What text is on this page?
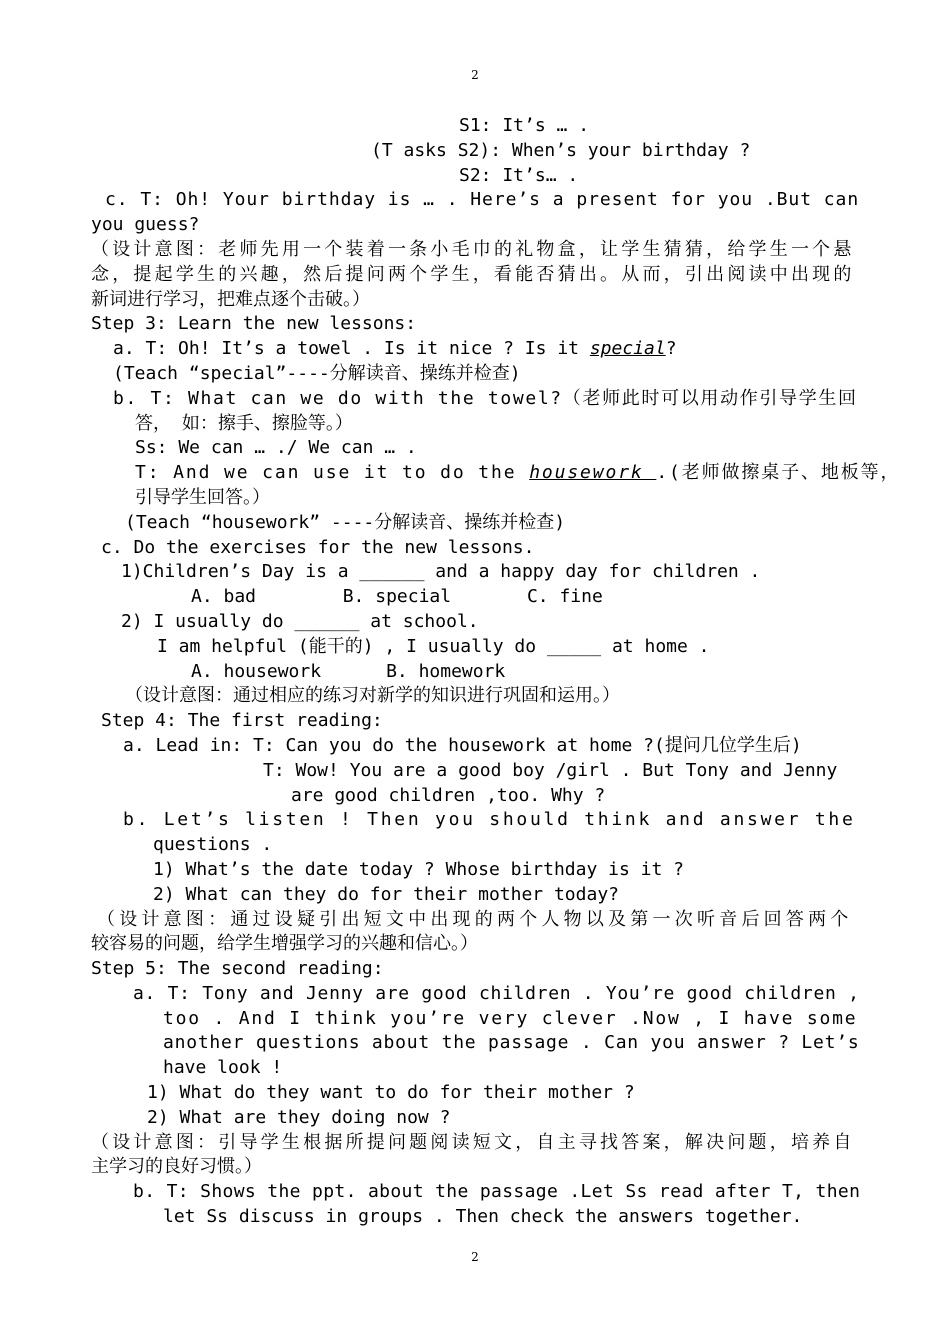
2
S1: It’s … .
(T asks S2): When’s your birthday ?
S2: It’s… .
c. T: Oh! Your birthday is … . Here’s a present for you .But can
you guess?
（设计意图：老师先用一个装着一条小毛巾的礼物盒，让学生猜猜，给学生一个悬
念，提起学生的兴趣，然后提问两个学生，看能否猜出。从而，引出阅读中出现的
新词进行学习，把难点逐个击破。）
Step 3: Learn the new lessons:
a. T: Oh! It’s a towel . Is it nice ? Is it special?
(Teach “special”----分解读音、操练并检查)
b. T: What can we do with the towel?（老师此时可以用动作引导学生回
答， 如：擦手、擦脸等。）
Ss: We can … ./ We can … .
T: And we can use it to do the housework .(老师做擦桌子、地板等，
引导学生回答。）
(Teach “housework” ----分解读音、操练并检查)
c. Do the exercises for the new lessons.
1)Children’s Day is a ______ and a happy day for children .
A. bad        B. special       C. fine
2) I usually do ______ at school.
I am helpful (能干的) , I usually do _____ at home .
A. housework      B. homework
（设计意图：通过相应的练习对新学的知识进行巩固和运用。）
Step 4: The first reading:
a. Lead in: T: Can you do the housework at home ?(提问几位学生后)
T: Wow! You are a good boy /girl . But Tony and Jenny
are good children ,too. Why ?
b. Let’s listen ! Then you should think and answer the
questions .
1) What’s the date today ? Whose birthday is it ?
2) What can they do for their mother today?
（设计意图：通过设疑引出短文中出现的两个人物以及第一次听音后回答两个
较容易的问题，给学生增强学习的兴趣和信心。）
Step 5: The second reading:
a. T: Tony and Jenny are good children . You’re good children ,
too . And I think you’re very clever .Now , I have some
another questions about the passage . Can you answer ? Let’s
have look !
1) What do they want to do for their mother ?
2) What are they doing now ?
（设计意图：引导学生根据所提问题阅读短文，自主寻找答案，解决问题，培养自
主学习的良好习惯。）
b. T: Shows the ppt. about the passage .Let Ss read after T, then
let Ss discuss in groups . Then check the answers together.
2
